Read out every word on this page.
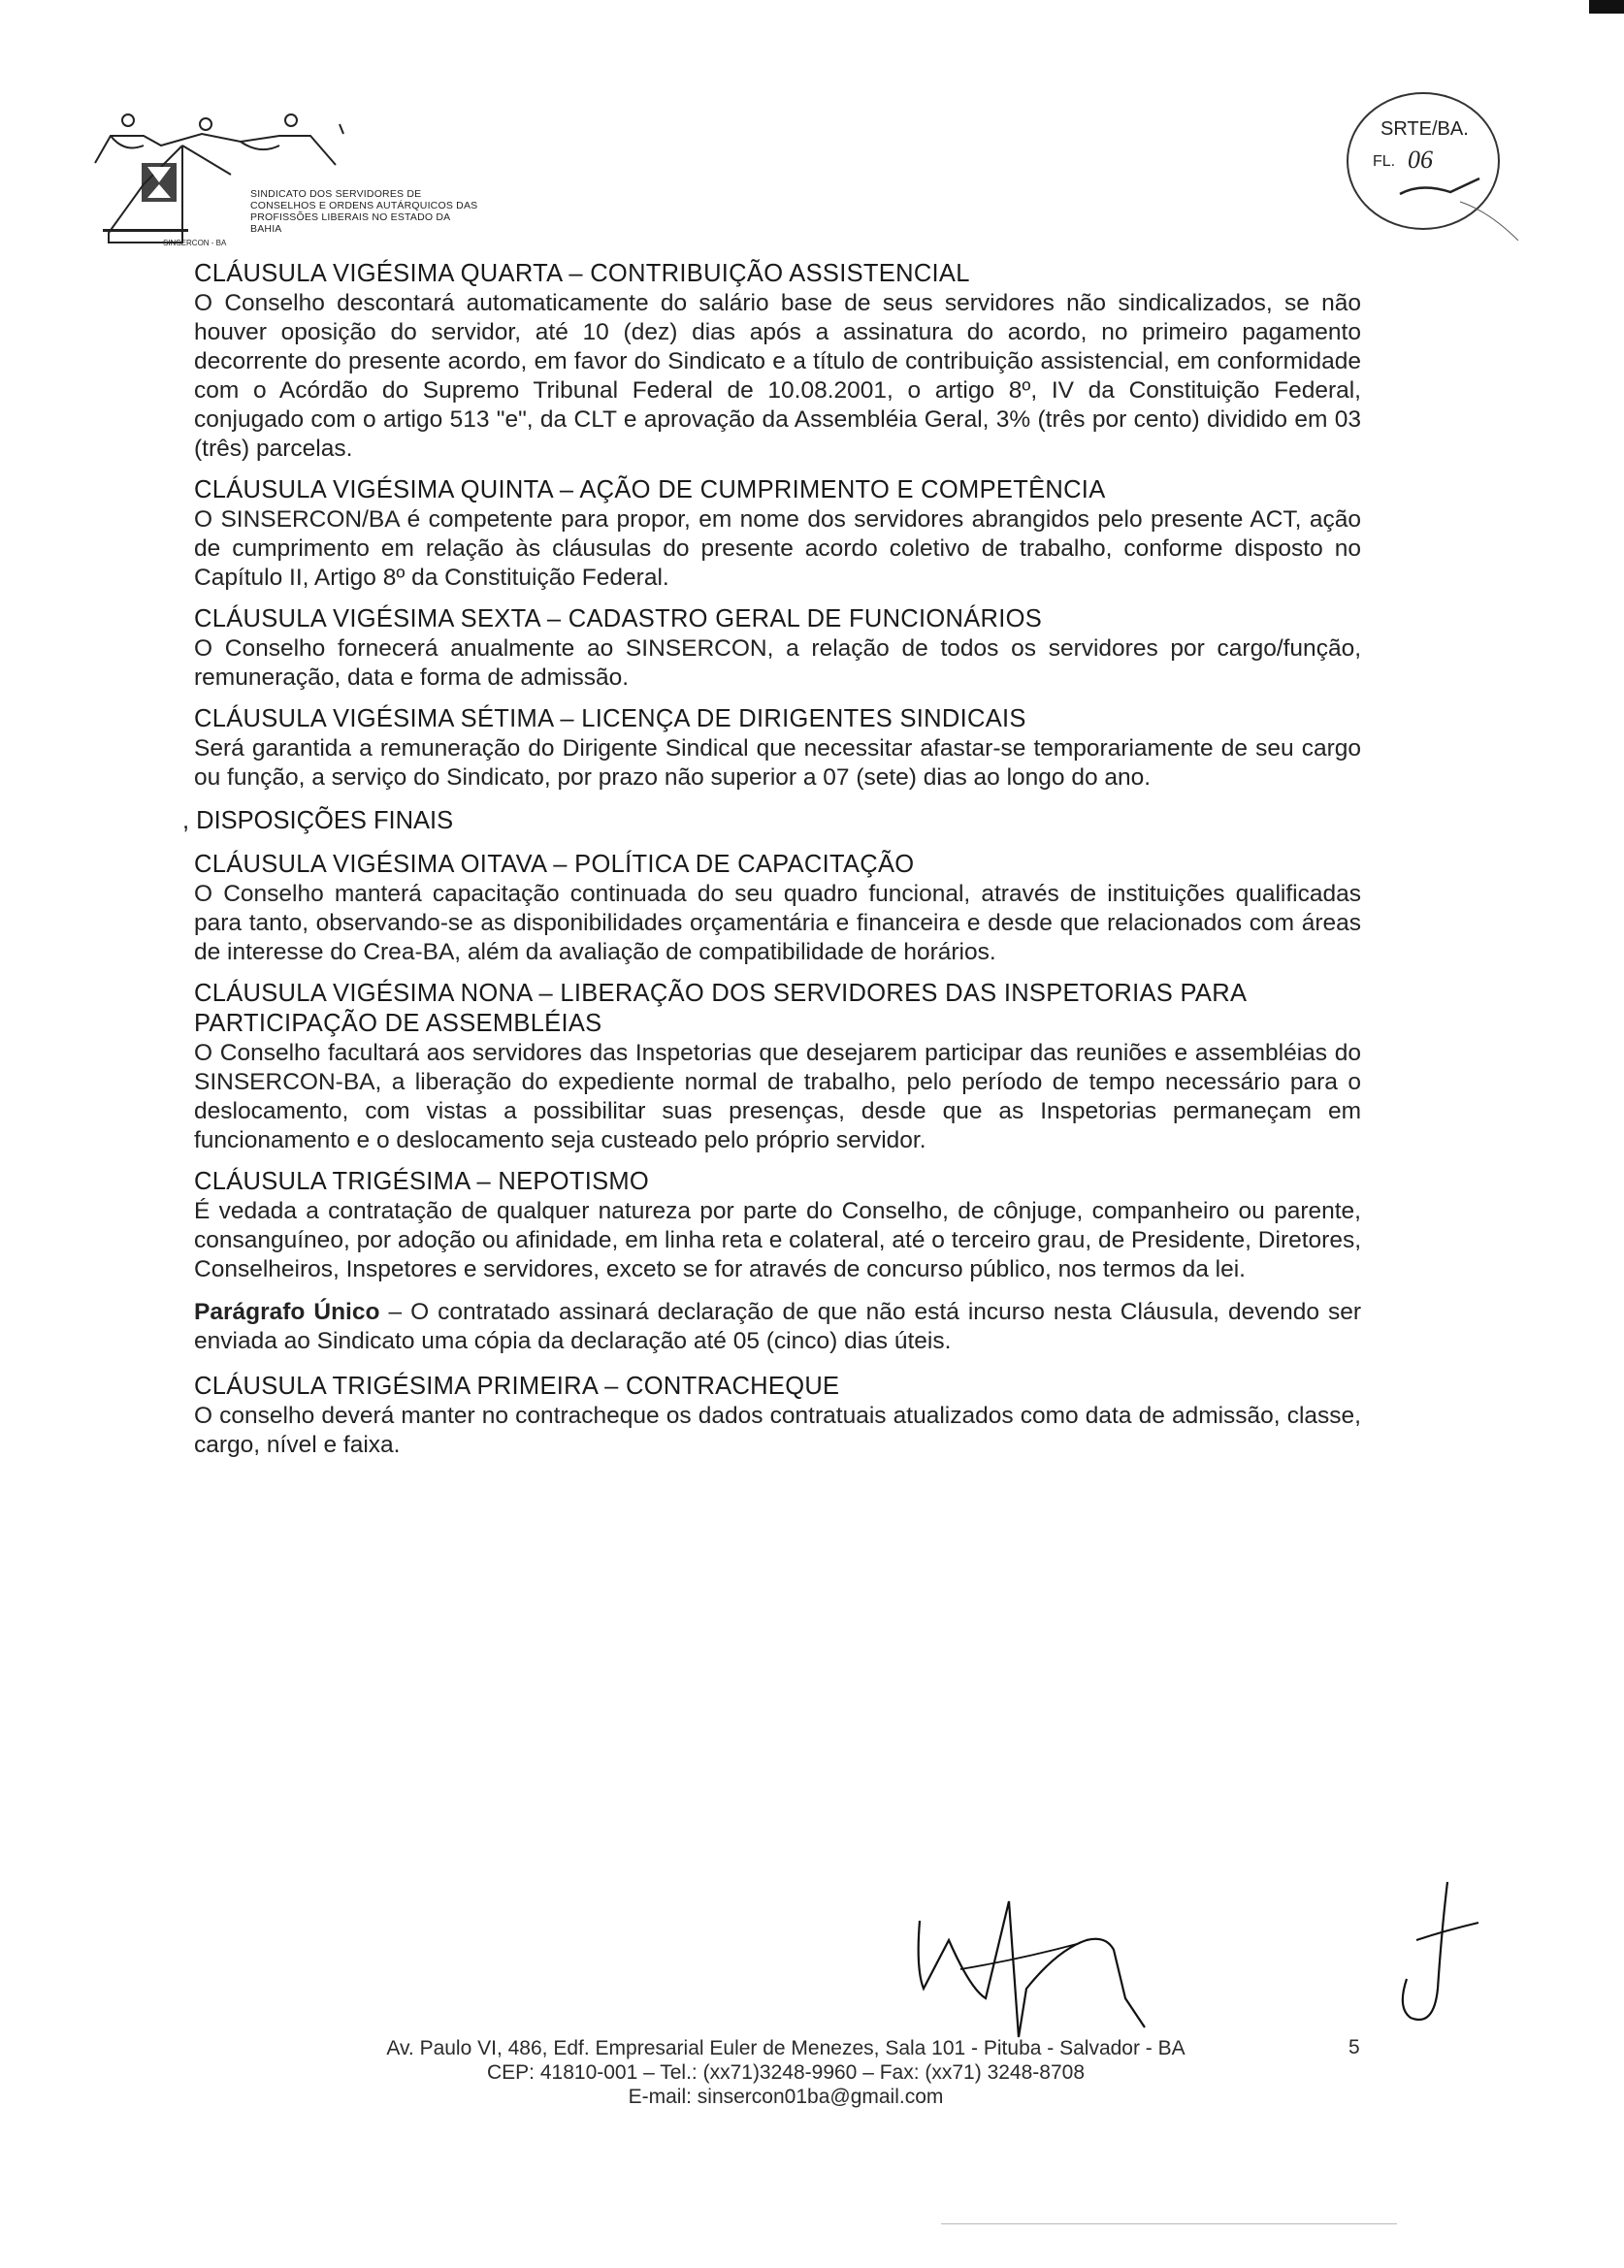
SINDICATO DOS SERVIDORES DE CONSELHOS E ORDENS AUTÁRQUICOS DAS PROFISSÕES LIBERAIS NO ESTADO DA BAHIA
SINSERCON - BA
SRTE/BA.
FL. 06

CLÁUSULA VIGÉSIMA QUARTA – CONTRIBUIÇÃO ASSISTENCIAL

O Conselho descontará automaticamente do salário base de seus servidores não sindicalizados, se não houver oposição do servidor, até 10 (dez) dias após a assinatura do acordo, no primeiro pagamento decorrente do presente acordo, em favor do Sindicato e a título de contribuição assistencial, em conformidade com o Acórdão do Supremo Tribunal Federal de 10.08.2001, o artigo 8º, IV da Constituição Federal, conjugado com o artigo 513 "e", da CLT e aprovação da Assembléia Geral, 3% (três por cento) dividido em 03 (três) parcelas.

CLÁUSULA VIGÉSIMA QUINTA – AÇÃO DE CUMPRIMENTO E COMPETÊNCIA

O SINSERCON/BA é competente para propor, em nome dos servidores abrangidos pelo presente ACT, ação de cumprimento em relação às cláusulas do presente acordo coletivo de trabalho, conforme disposto no Capítulo II, Artigo 8º da Constituição Federal.

CLÁUSULA VIGÉSIMA SEXTA – CADASTRO GERAL DE FUNCIONÁRIOS

O Conselho fornecerá anualmente ao SINSERCON, a relação de todos os servidores por cargo/função, remuneração, data e forma de admissão.

CLÁUSULA VIGÉSIMA SÉTIMA – LICENÇA DE DIRIGENTES SINDICAIS

Será garantida a remuneração do Dirigente Sindical que necessitar afastar-se temporariamente de seu cargo ou função, a serviço do Sindicato, por prazo não superior a 07 (sete) dias ao longo do ano.

, DISPOSIÇÕES FINAIS

CLÁUSULA VIGÉSIMA OITAVA – POLÍTICA DE CAPACITAÇÃO

O Conselho manterá capacitação continuada do seu quadro funcional, através de instituições qualificadas para tanto, observando-se as disponibilidades orçamentária e financeira e desde que relacionados com áreas de interesse do Crea-BA, além da avaliação de compatibilidade de horários.

CLÁUSULA VIGÉSIMA NONA – LIBERAÇÃO DOS SERVIDORES DAS INSPETORIAS PARA PARTICIPAÇÃO DE ASSEMBLÉIAS

O Conselho facultará aos servidores das Inspetorias que desejarem participar das reuniões e assembléias do SINSERCON-BA, a liberação do expediente normal de trabalho, pelo período de tempo necessário para o deslocamento, com vistas a possibilitar suas presenças, desde que as Inspetorias permaneçam em funcionamento e o deslocamento seja custeado pelo próprio servidor.

CLÁUSULA TRIGÉSIMA – NEPOTISMO

É vedada a contratação de qualquer natureza por parte do Conselho, de cônjuge, companheiro ou parente, consanguíneo, por adoção ou afinidade, em linha reta e colateral, até o terceiro grau, de Presidente, Diretores, Conselheiros, Inspetores e servidores, exceto se for através de concurso público, nos termos da lei.

Parágrafo Único – O contratado assinará declaração de que não está incurso nesta Cláusula, devendo ser enviada ao Sindicato uma cópia da declaração até 05 (cinco) dias úteis.

CLÁUSULA TRIGÉSIMA PRIMEIRA – CONTRACHEQUE

O conselho deverá manter no contracheque os dados contratuais atualizados como data de admissão, classe, cargo, nível e faixa.

Av. Paulo VI, 486, Edf. Empresarial Euler de Menezes, Sala 101 - Pituba - Salvador - BA
CEP: 41810-001 – Tel.: (xx71)3248-9960 – Fax: (xx71) 3248-8708
E-mail: sinsercon01ba@gmail.com
5
